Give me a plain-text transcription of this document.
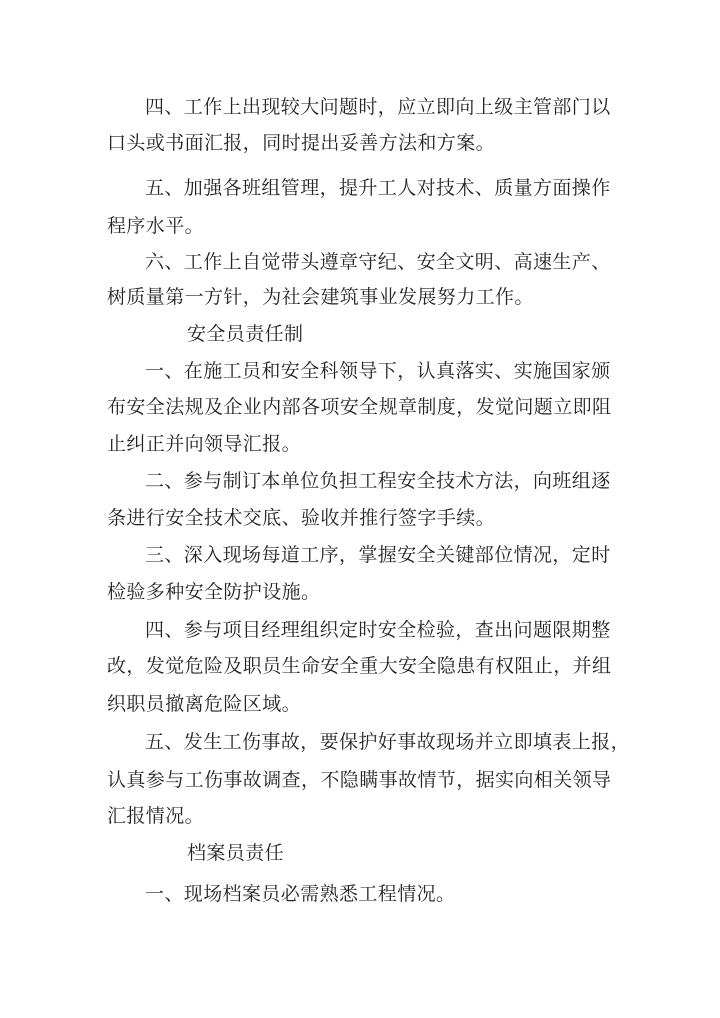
四、工作上出现较大问题时，应立即向上级主管部门以
口头或书面汇报，同时提出妥善方法和方案。
五、加强各班组管理，提升工人对技术、质量方面操作
程序水平。
六、工作上自觉带头遵章守纪、安全文明、高速生产、
树质量第一方针，为社会建筑事业发展努力工作。
安全员责任制
一、在施工员和安全科领导下，认真落实、实施国家颁
布安全法规及企业内部各项安全规章制度，发觉问题立即阻
止纠正并向领导汇报。
二、参与制订本单位负担工程安全技术方法，向班组逐
条进行安全技术交底、验收并推行签字手续。
三、深入现场每道工序，掌握安全关键部位情况，定时
检验多种安全防护设施。
四、参与项目经理组织定时安全检验，查出问题限期整
改，发觉危险及职员生命安全重大安全隐患有权阻止，并组
织职员撤离危险区域。
五、发生工伤事故，要保护好事故现场并立即填表上报，
认真参与工伤事故调查，不隐瞒事故情节，据实向相关领导
汇报情况。
档案员责任
一、现场档案员必需熟悉工程情况。
